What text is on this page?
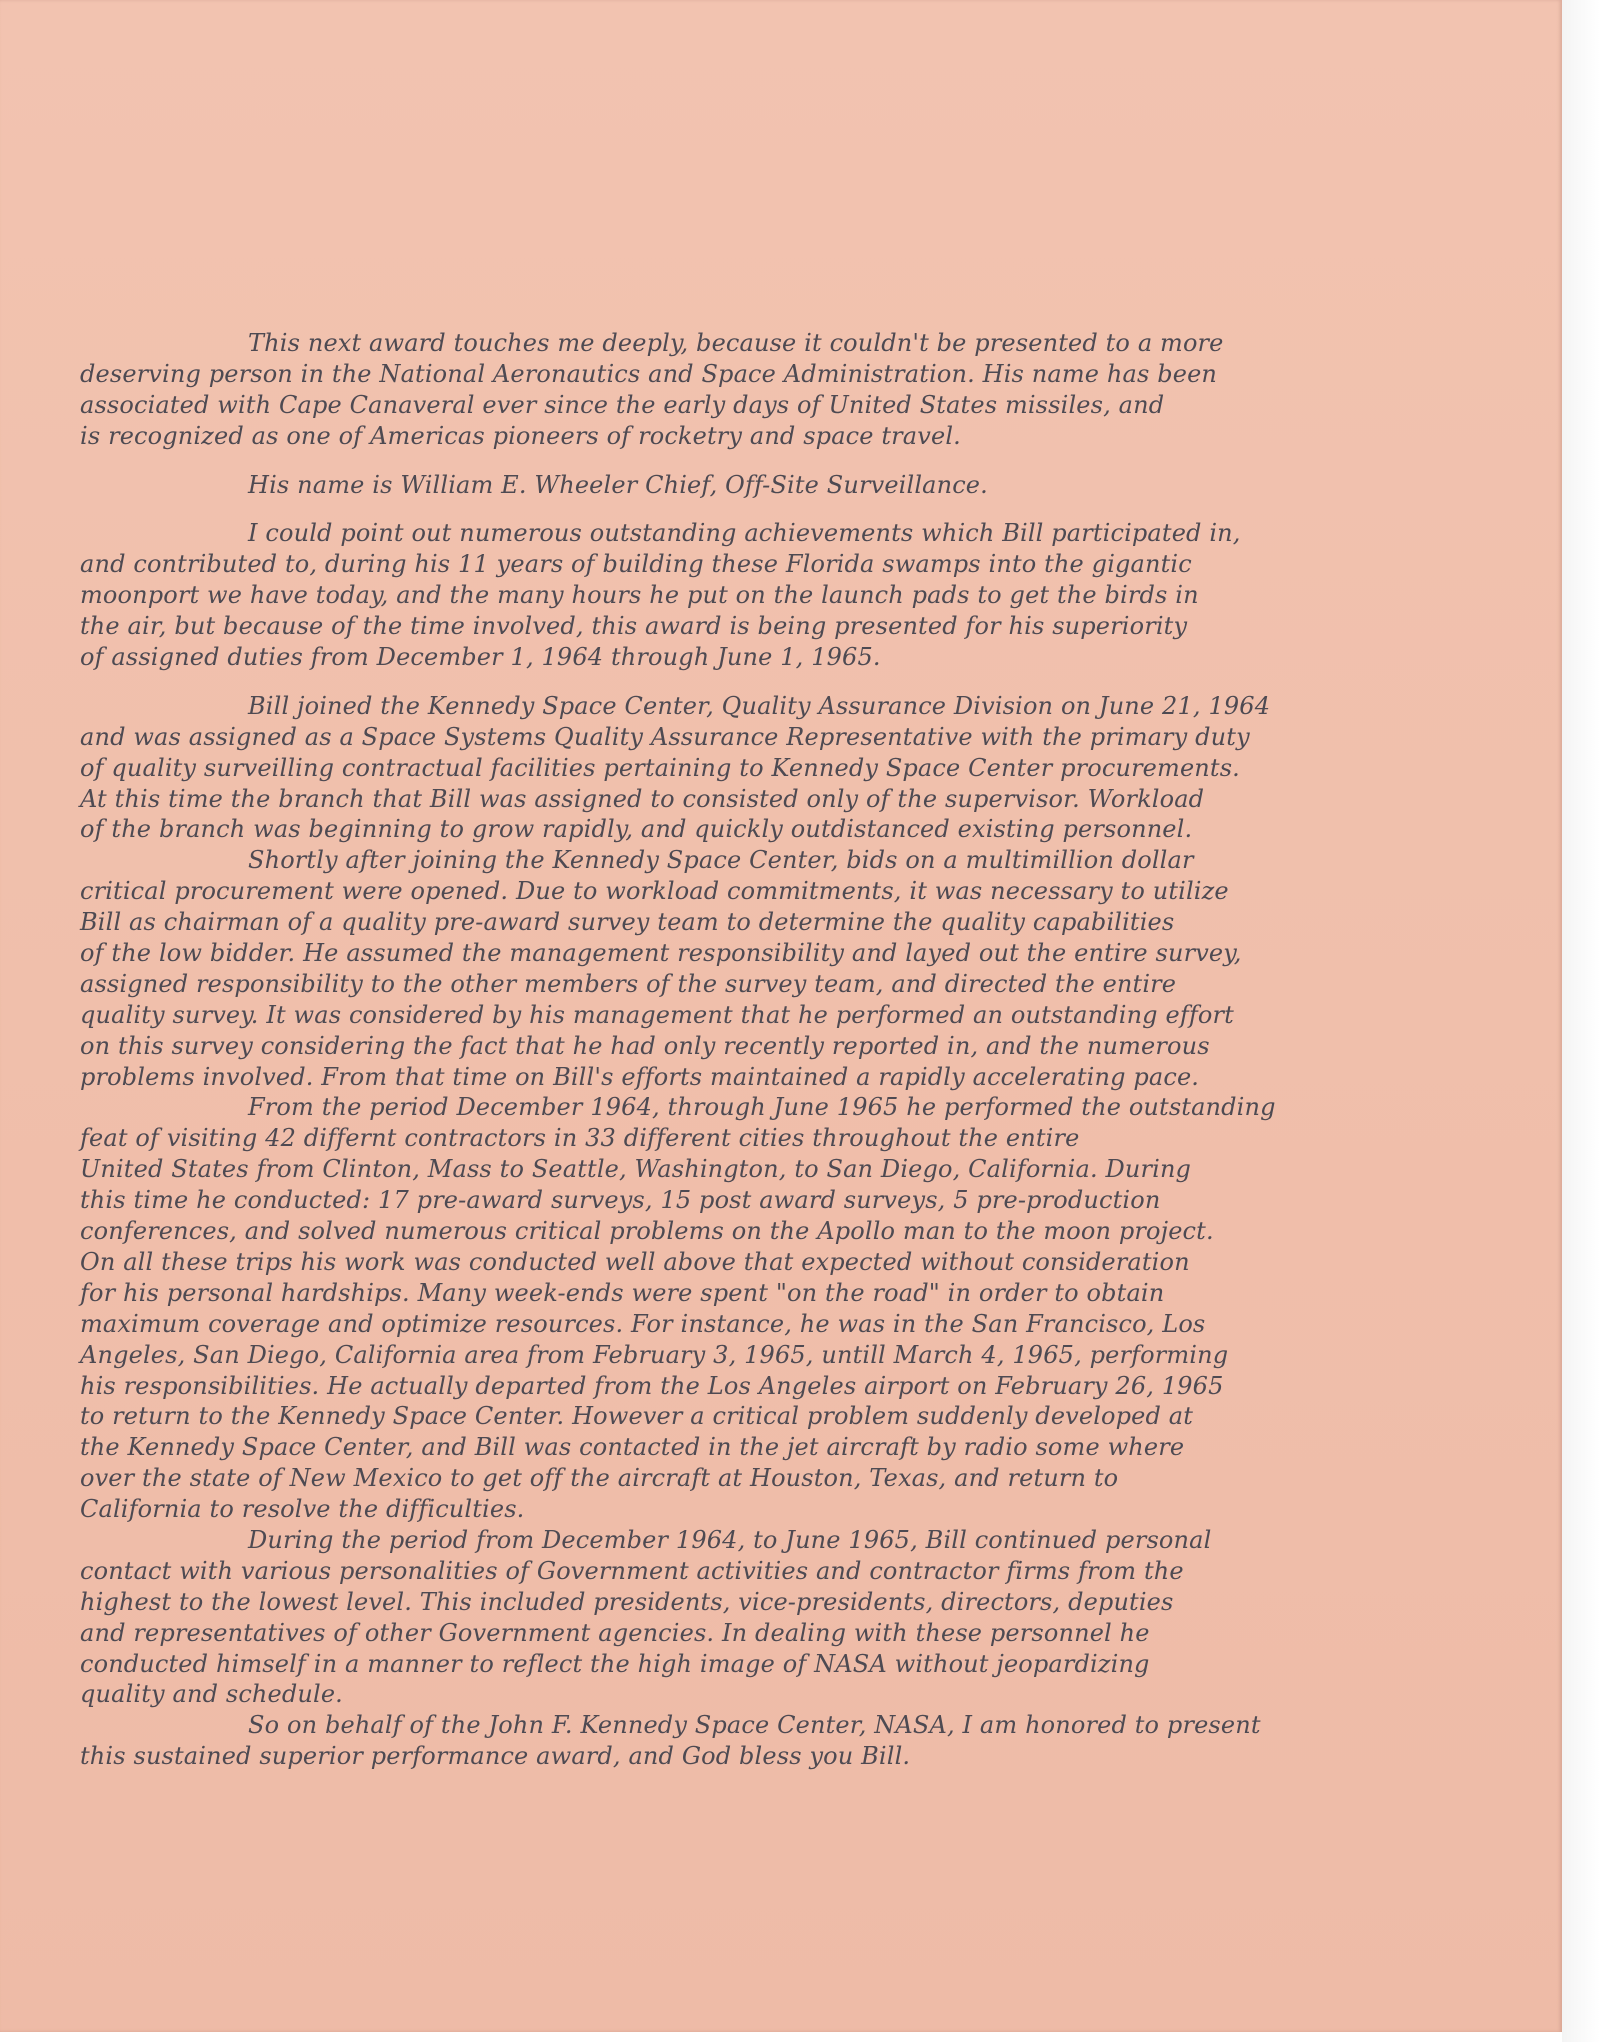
This next award touches me deeply, because it couldn't be presented to a more
deserving person in the National Aeronautics and Space Administration. His name has been
associated with Cape Canaveral ever since the early days of United States missiles, and
is recognized as one of Americas pioneers of rocketry and space travel.
His name is William E. Wheeler Chief, Off-Site Surveillance.
I could point out numerous outstanding achievements which Bill participated in,
and contributed to, during his 11 years of building these Florida swamps into the gigantic
moonport we have today, and the many hours he put on the launch pads to get the birds in
the air, but because of the time involved, this award is being presented for his superiority
of assigned duties from December 1, 1964 through June 1, 1965.
Bill joined the Kennedy Space Center, Quality Assurance Division on June 21, 1964
and was assigned as a Space Systems Quality Assurance Representative with the primary duty
of quality surveilling contractual facilities pertaining to Kennedy Space Center procurements.
At this time the branch that Bill was assigned to consisted only of the supervisor. Workload
of the branch was beginning to grow rapidly, and quickly outdistanced existing personnel.
Shortly after joining the Kennedy Space Center, bids on a multimillion dollar
critical procurement were opened. Due to workload commitments, it was necessary to utilize
Bill as chairman of a quality pre-award survey team to determine the quality capabilities
of the low bidder. He assumed the management responsibility and layed out the entire survey,
assigned responsibility to the other members of the survey team, and directed the entire
quality survey. It was considered by his management that he performed an outstanding effort
on this survey considering the fact that he had only recently reported in, and the numerous
problems involved. From that time on Bill's efforts maintained a rapidly accelerating pace.
From the period December 1964, through June 1965 he performed the outstanding
feat of visiting 42 differnt contractors in 33 different cities throughout the entire
United States from Clinton, Mass to Seattle, Washington, to San Diego, California. During
this time he conducted: 17 pre-award surveys, 15 post award surveys, 5 pre-production
conferences, and solved numerous critical problems on the Apollo man to the moon project.
On all these trips his work was conducted well above that expected without consideration
for his personal hardships. Many week-ends were spent "on the road" in order to obtain
maximum coverage and optimize resources. For instance, he was in the San Francisco, Los
Angeles, San Diego, California area from February 3, 1965, untill March 4, 1965, performing
his responsibilities. He actually departed from the Los Angeles airport on February 26, 1965
to return to the Kennedy Space Center. However a critical problem suddenly developed at
the Kennedy Space Center, and Bill was contacted in the jet aircraft by radio some where
over the state of New Mexico to get off the aircraft at Houston, Texas, and return to
California to resolve the difficulties.
During the period from December 1964, to June 1965, Bill continued personal
contact with various personalities of Government activities and contractor firms from the
highest to the lowest level. This included presidents, vice-presidents, directors, deputies
and representatives of other Government agencies. In dealing with these personnel he
conducted himself in a manner to reflect the high image of NASA without jeopardizing
quality and schedule.
So on behalf of the John F. Kennedy Space Center, NASA, I am honored to present
this sustained superior performance award, and God bless you Bill.
